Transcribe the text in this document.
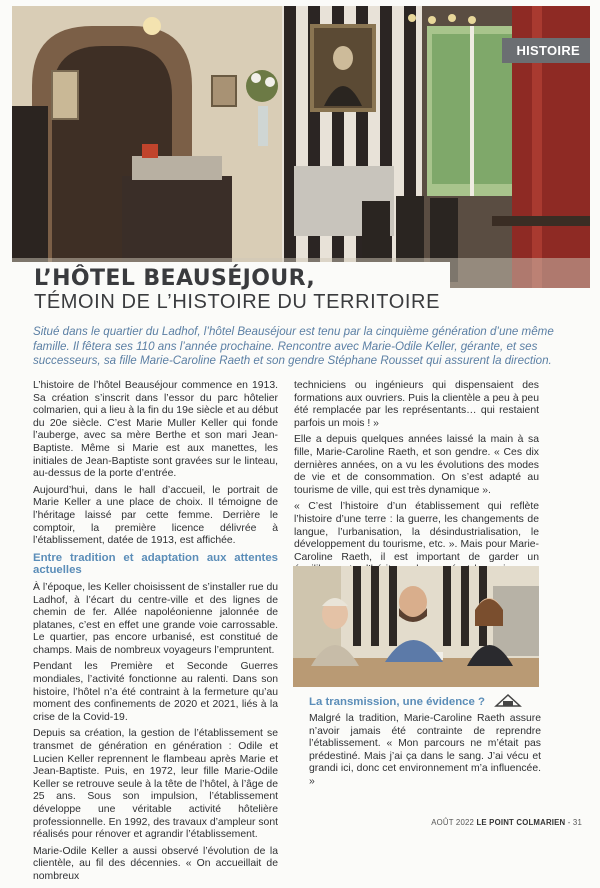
HISTOIRE
L’HÔTEL BEAUSÉJOUR,
TÉMOIN DE L’HISTOIRE DU TERRITOIRE
Situé dans le quartier du Ladhof, l’hôtel Beauséjour est tenu par la cinquième génération d’une même famille. Il fêtera ses 110 ans l’année prochaine. Rencontre avec Marie-Odile Keller, gérante, et ses successeurs, sa fille Marie-Caroline Raeth et son gendre Stéphane Rousset qui assurent la direction.

L’histoire de l’hôtel Beauséjour commence en 1913. Sa création s’inscrit dans l’essor du parc hôtelier colmarien, qui a lieu à la fin du 19e siècle et au début du 20e siècle. C’est Marie Muller Keller qui fonde l’auberge, avec sa mère Berthe et son mari Jean-Baptiste. Même si Marie est aux manettes, les initiales de Jean-Baptiste sont gravées sur le linteau, au-dessus de la porte d’entrée.

Aujourd’hui, dans le hall d’accueil, le portrait de Marie Keller a une place de choix. Il témoigne de l’héritage laissé par cette femme. Derrière le comptoir, la première licence délivrée à l’établissement, datée de 1913, est affichée.

Entre tradition et adaptation aux attentes actuelles

À l’époque, les Keller choisissent de s’installer rue du Ladhof, à l’écart du centre-ville et des lignes de chemin de fer. Allée napoléonienne jalonnée de platanes, c’est en effet une grande voie carrossable. Le quartier, pas encore urbanisé, est constitué de champs. Mais de nombreux voyageurs l’empruntent.

Pendant les Première et Seconde Guerres mondiales, l’activité fonctionne au ralenti. Dans son histoire, l’hôtel n’a été contraint à la fermeture qu’au moment des confinements de 2020 et 2021, liés à la crise de la Covid-19.

Depuis sa création, la gestion de l’établissement se transmet de génération en génération : Odile et Lucien Keller reprennent le flambeau après Marie et Jean-Baptiste. Puis, en 1972, leur fille Marie-Odile Keller se retrouve seule à la tête de l’hôtel, à l’âge de 25 ans. Sous son impulsion, l’établissement développe une véritable activité hôtelière professionnelle. En 1992, des travaux d’ampleur sont réalisés pour rénover et agrandir l’établissement.

Marie-Odile Keller a aussi observé l’évolution de la clientèle, au fil des décennies. « On accueillait de nombreux

techniciens ou ingénieurs qui dispensaient des formations aux ouvriers. Puis la clientèle a peu à peu été remplacée par les représentants… qui restaient parfois un mois ! »

Elle a depuis quelques années laissé la main à sa fille, Marie-Caroline Raeth, et son gendre. « Ces dix dernières années, on a vu les évolutions des modes de vie et de consommation. On s’est adapté au tourisme de ville, qui est très dynamique ».

« C’est l’histoire d’un établissement qui reflète l’histoire d’une terre : la guerre, les changements de langue, l’urbanisation, la désindustrialisation, le développement du tourisme, etc. ». Mais pour Marie-Caroline Raeth, il est important de garder un

La transmission, une évidence ?
Malgré la tradition, Marie-Caroline Raeth assure n’avoir jamais été contrainte de reprendre l’établissement. « Mon parcours ne m’était pas prédestiné. Mais j’ai ça dans le sang. J’ai vécu et grandi ici, donc cet environnement m’a influencée. »
AOÛT 2022 LE POINT COLMARIEN - 31
